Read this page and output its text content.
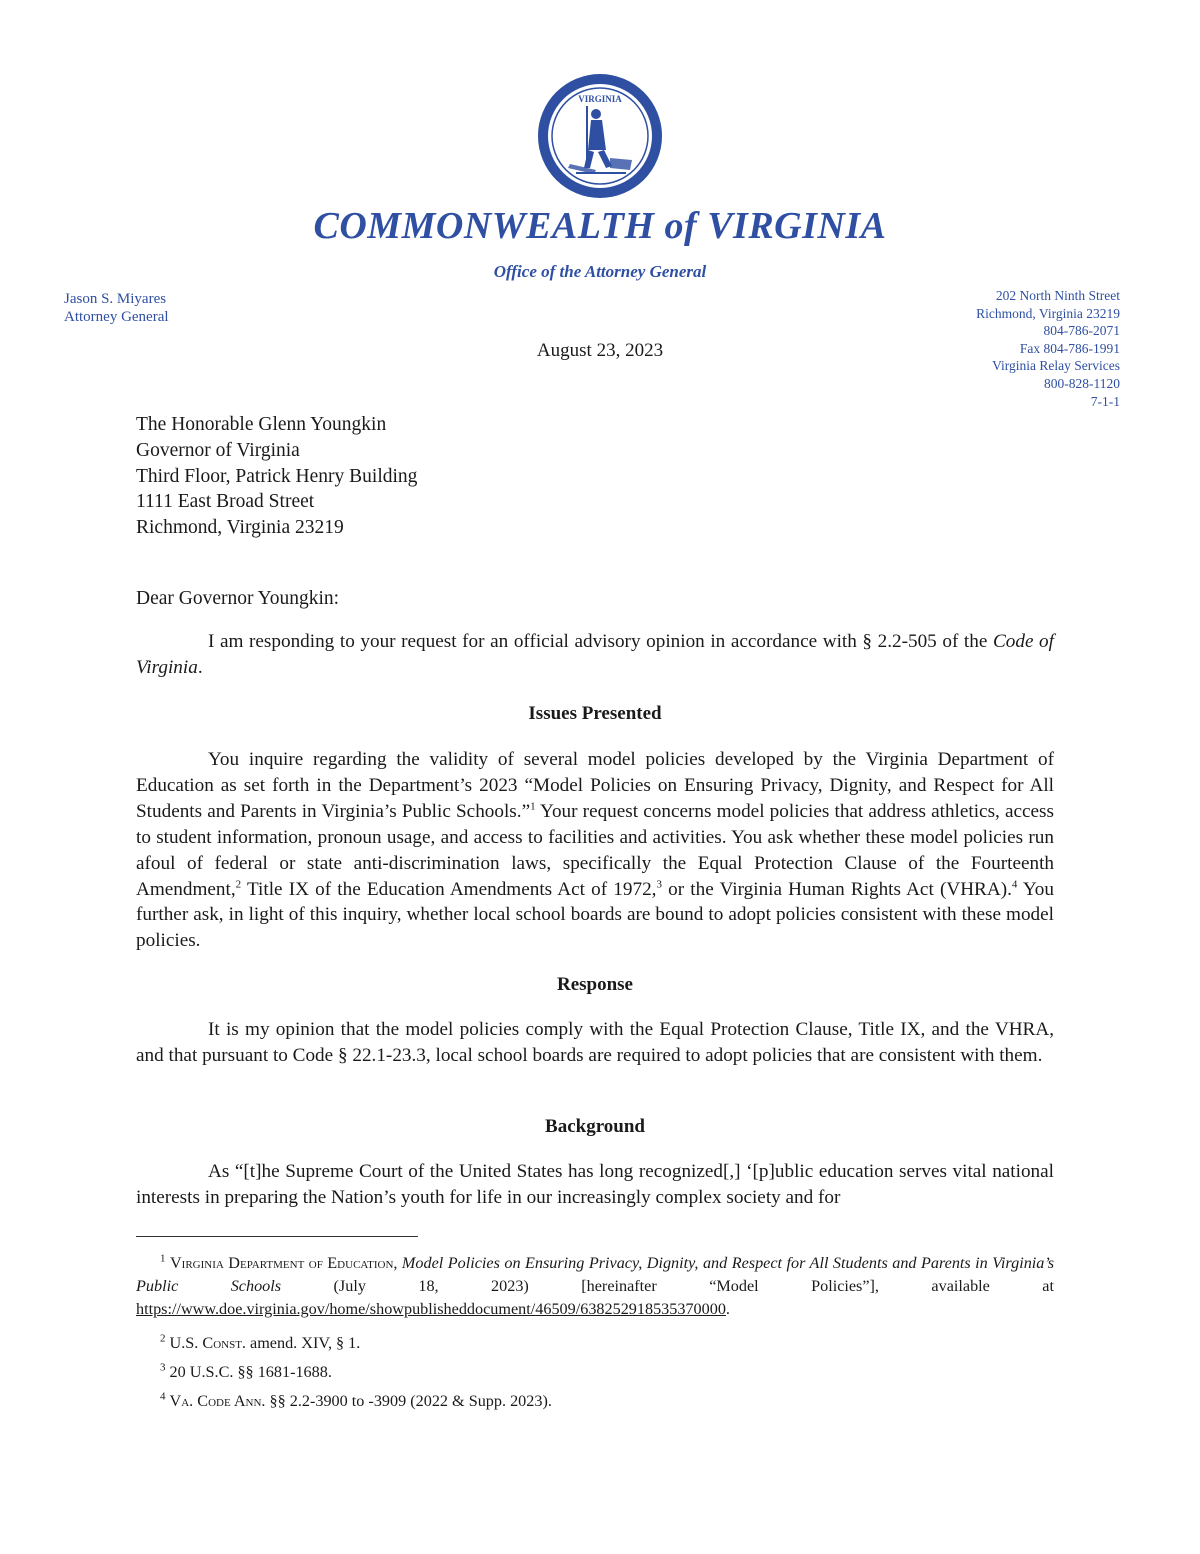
VIRGINIA
COMMONWEALTH of VIRGINIA
Office of the Attorney General
Jason S. Miyares
Attorney General
202 North Ninth Street
Richmond, Virginia 23219
804-786-2071
Fax 804-786-1991
Virginia Relay Services
800-828-1120
7-1-1
August 23, 2023
The Honorable Glenn Youngkin
Governor of Virginia
Third Floor, Patrick Henry Building
1111 East Broad Street
Richmond, Virginia 23219
Dear Governor Youngkin:
I am responding to your request for an official advisory opinion in accordance with § 2.2-505 of the Code of Virginia.
Issues Presented
You inquire regarding the validity of several model policies developed by the Virginia Department of Education as set forth in the Department’s 2023 “Model Policies on Ensuring Privacy, Dignity, and Respect for All Students and Parents in Virginia’s Public Schools.”$^1$ Your request concerns model policies that address athletics, access to student information, pronoun usage, and access to facilities and activities. You ask whether these model policies run afoul of federal or state anti-discrimination laws, specifically the Equal Protection Clause of the Fourteenth Amendment,$^2$ Title IX of the Education Amendments Act of 1972,$^3$ or the Virginia Human Rights Act (VHRA).$^4$ You further ask, in light of this inquiry, whether local school boards are bound to adopt policies consistent with these model policies.
Response
It is my opinion that the model policies comply with the Equal Protection Clause, Title IX, and the VHRA, and that pursuant to Code § 22.1-23.3, local school boards are required to adopt policies that are consistent with them.
Background
As “[t]he Supreme Court of the United States has long recognized[,] ‘[p]ublic education serves vital national interests in preparing the Nation’s youth for life in our increasingly complex society and for
$^1$ Virginia Department of Education, Model Policies on Ensuring Privacy, Dignity, and Respect for All Students and Parents in Virginia’s Public Schools (July 18, 2023) [hereinafter “Model Policies”], available at https://www.doe.virginia.gov/home/showpublisheddocument/46509/638252918535370000.
$^2$ U.S. Const. amend. XIV, § 1.
$^3$ 20 U.S.C. §§ 1681-1688.
$^4$ Va. Code Ann. §§ 2.2-3900 to -3909 (2022 & Supp. 2023).
